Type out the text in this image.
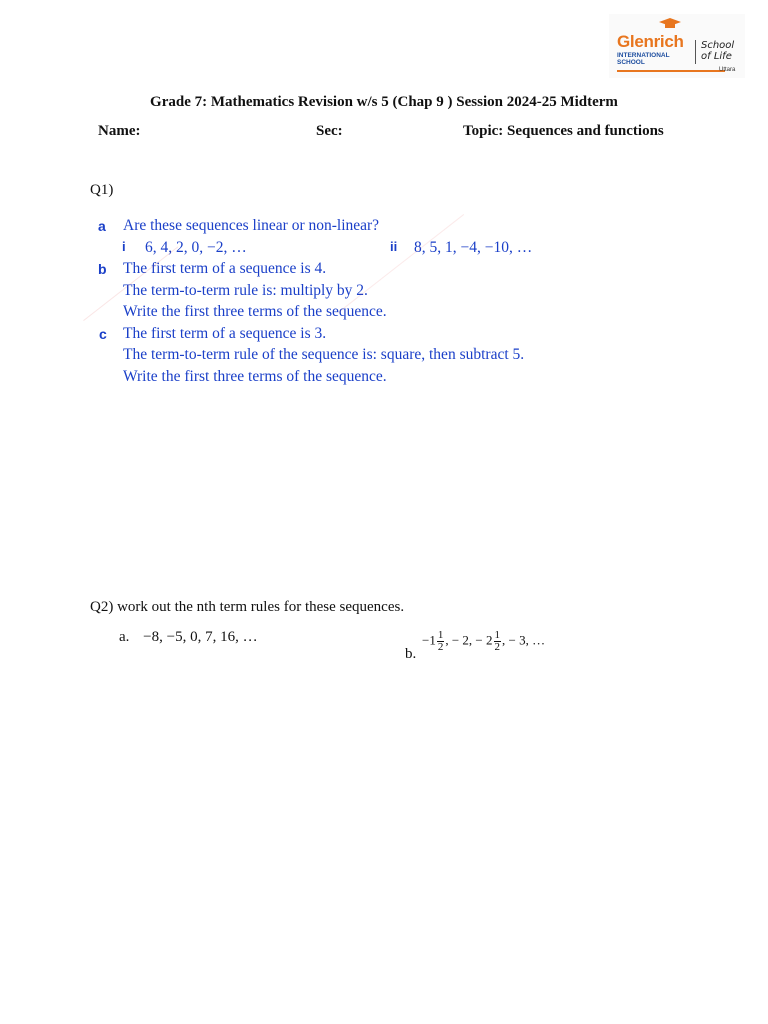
Glenrich
INTERNATIONAL SCHOOL
School of Life
Uttara
Grade 7: Mathematics Revision w/s 5 (Chap 9 ) Session 2024-25 Midterm
Name:	Sec:	Topic: Sequences and functions
Q1)
a Are these sequences linear or non-linear?
i 6, 4, 2, 0, −2, …	ii 8, 5, 1, −4, −10, …
b The first term of a sequence is 4.
The term-to-term rule is: multiply by 2.
Write the first three terms of the sequence.
c The first term of a sequence is 3.
The term-to-term rule of the sequence is: square, then subtract 5.
Write the first three terms of the sequence.
Q2) work out the nth term rules for these sequences.
a. −8, −5, 0, 7, 16, …
b.
$-1 \frac{1}{2}$ , − 2, − $2 \frac{1}{2}$ , − 3, …
